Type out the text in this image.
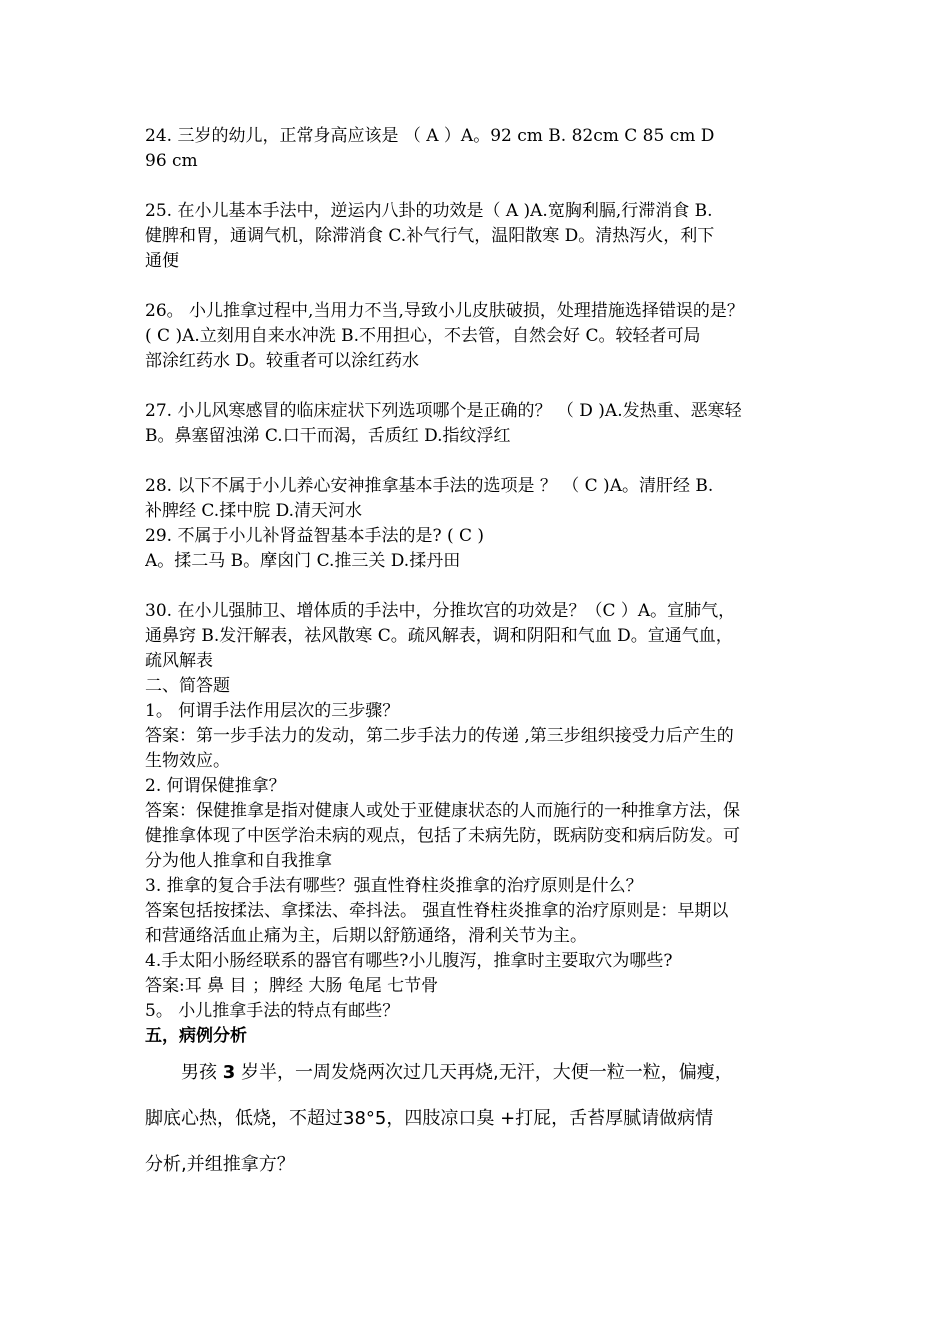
24. 三岁的幼儿，正常身高应该是 （ A ）A。92 cm B. 82cm C 85 cm D
96 cm
25. 在小儿基本手法中，逆运内八卦的功效是（ A )A.宽胸利膈,行滞消食 B.
健脾和胃，通调气机，除滞消食 C.补气行气，温阳散寒 D。清热泻火，利下
通便
26。 小儿推拿过程中,当用力不当,导致小儿皮肤破损，处理措施选择错误的是？
( C )A.立刻用自来水冲洗 B.不用担心，不去管，自然会好 C。较轻者可局
部涂红药水 D。较重者可以涂红药水
27. 小儿风寒感冒的临床症状下列选项哪个是正确的？ （ D )A.发热重、恶寒轻
B。鼻塞留浊涕 C.口干而渴，舌质红 D.指纹浮红
28. 以下不属于小儿养心安神推拿基本手法的选项是 ？ （ C )A。清肝经 B.
补脾经 C.揉中脘 D.清天河水
29. 不属于小儿补肾益智基本手法的是? ( C )
A。揉二马 B。摩囟门 C.推三关 D.揉丹田
30. 在小儿强肺卫、增体质的手法中，分推坎宫的功效是？（C ）A。宣肺气，
通鼻窍 B.发汗解表，祛风散寒 C。疏风解表，调和阴阳和气血 D。宣通气血，
疏风解表
二、简答题
1。 何谓手法作用层次的三步骤？
答案：第一步手法力的发动，第二步手法力的传递 ,第三步组织接受力后产生的
生物效应。
2. 何谓保健推拿？
答案：保健推拿是指对健康人或处于亚健康状态的人而施行的一种推拿方法，保
健推拿体现了中医学治未病的观点，包括了未病先防，既病防变和病后防发。可
分为他人推拿和自我推拿
3. 推拿的复合手法有哪些？强直性脊柱炎推拿的治疗原则是什么？
答案包括按揉法、拿揉法、牵抖法。 强直性脊柱炎推拿的治疗原则是：早期以
和营通络活血止痛为主，后期以舒筋通络，滑利关节为主。
4.手太阳小肠经联系的器官有哪些?小儿腹泻，推拿时主要取穴为哪些?
答案:耳 鼻 目 ；脾经 大肠 龟尾 七节骨
5。 小儿推拿手法的特点有邮些？
五，病例分析
男孩 3 岁半，一周发烧两次过几天再烧,无汗，大便一粒一粒，偏瘦，
脚底心热，低烧，不超过38°5，四肢凉口臭 +打屁，舌苔厚腻请做病情
分析,并组推拿方？
